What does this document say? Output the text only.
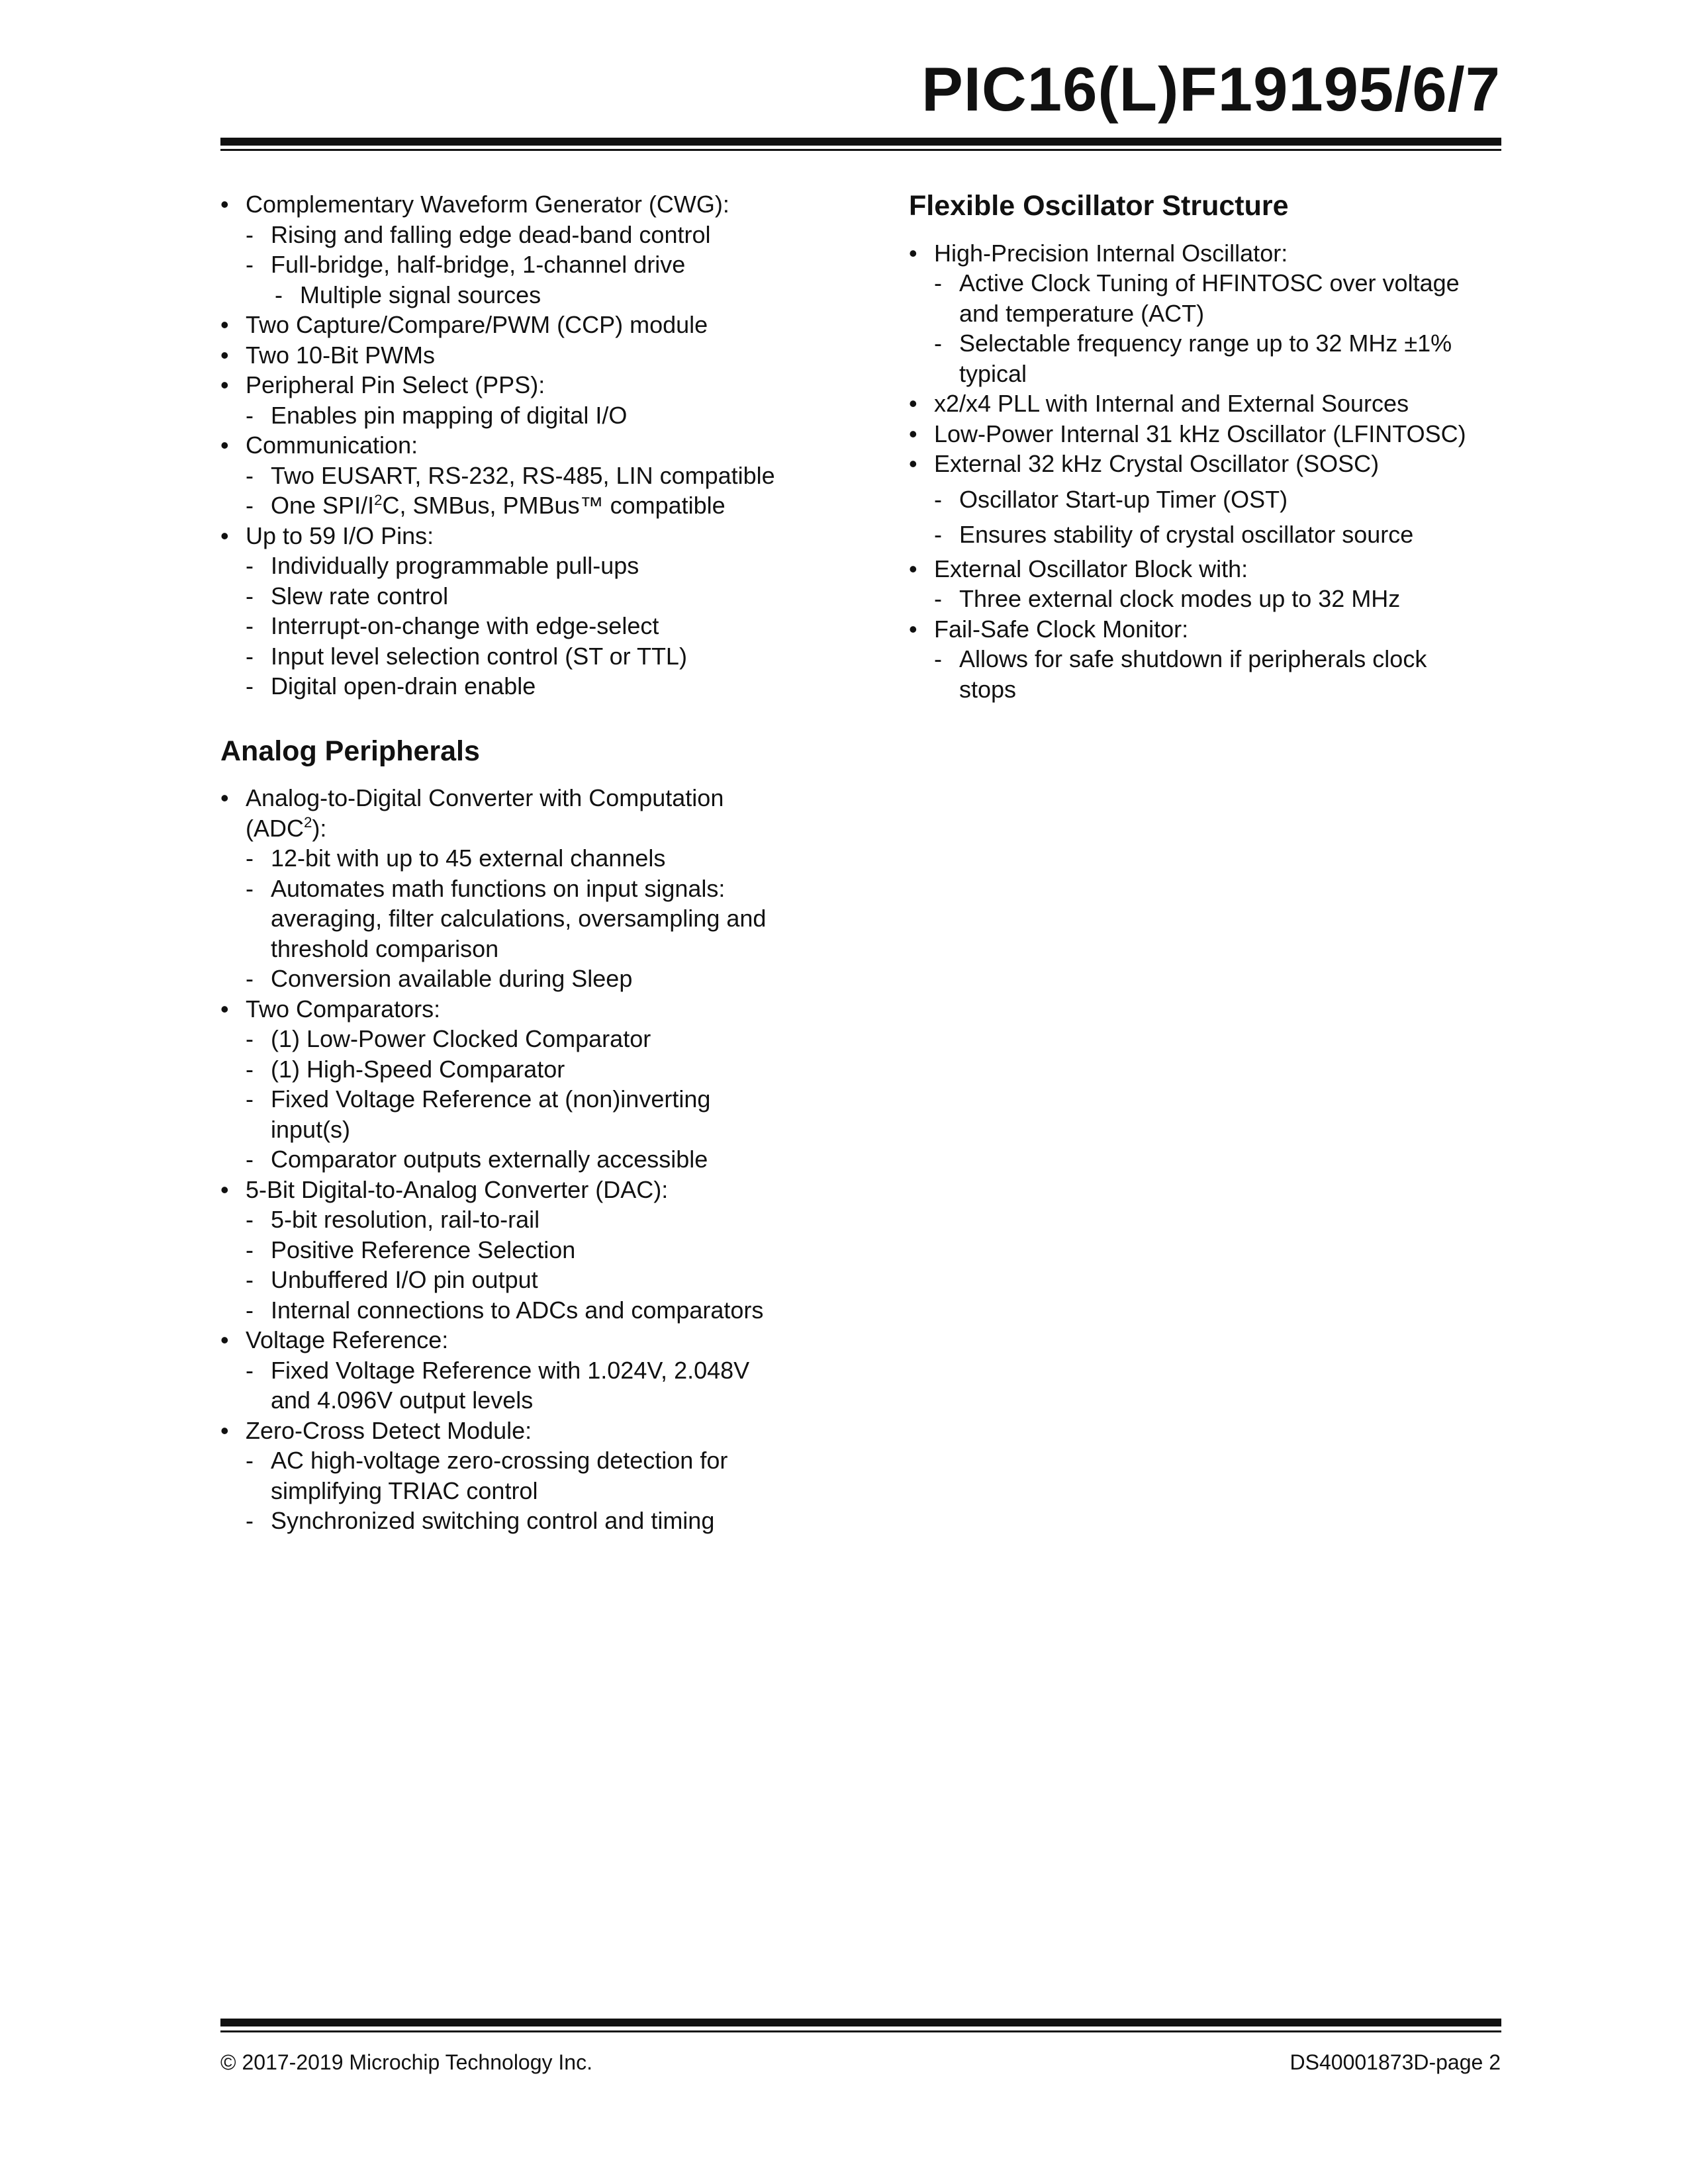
PIC16(L)F19195/6/7
• Complementary Waveform Generator (CWG):
- Rising and falling edge dead-band control
- Full-bridge, half-bridge, 1-channel drive
- Multiple signal sources
• Two Capture/Compare/PWM (CCP) module
• Two 10-Bit PWMs
• Peripheral Pin Select (PPS):
- Enables pin mapping of digital I/O
• Communication:
- Two EUSART, RS-232, RS-485, LIN compatible
- One SPI/$I^2C$, SMBus, PMBus™ compatible
• Up to 59 I/O Pins:
- Individually programmable pull-ups
- Slew rate control
- Interrupt-on-change with edge-select
- Input level selection control (ST or TTL)
- Digital open-drain enable
Analog Peripherals
• Analog-to-Digital Converter with Computation (ADC$^2$):
- 12-bit with up to 45 external channels
- Automates math functions on input signals: averaging, filter calculations, oversampling and threshold comparison
- Conversion available during Sleep
• Two Comparators:
- (1) Low-Power Clocked Comparator
- (1) High-Speed Comparator
- Fixed Voltage Reference at (non)inverting input(s)
- Comparator outputs externally accessible
• 5-Bit Digital-to-Analog Converter (DAC):
- 5-bit resolution, rail-to-rail
- Positive Reference Selection
- Unbuffered I/O pin output
- Internal connections to ADCs and comparators
• Voltage Reference:
- Fixed Voltage Reference with 1.024V, 2.048V and 4.096V output levels
• Zero-Cross Detect Module:
- AC high-voltage zero-crossing detection for simplifying TRIAC control
- Synchronized switching control and timing
Flexible Oscillator Structure
• High-Precision Internal Oscillator:
- Active Clock Tuning of HFINTOSC over voltage and temperature (ACT)
- Selectable frequency range up to 32 MHz ±1% typical
• x2/x4 PLL with Internal and External Sources
• Low-Power Internal 31 kHz Oscillator (LFINTOSC)
• External 32 kHz Crystal Oscillator (SOSC)
- Oscillator Start-up Timer (OST)
- Ensures stability of crystal oscillator source
• External Oscillator Block with:
- Three external clock modes up to 32 MHz
• Fail-Safe Clock Monitor:
- Allows for safe shutdown if peripherals clock stops
© 2017-2019 Microchip Technology Inc.	DS40001873D-page 2
